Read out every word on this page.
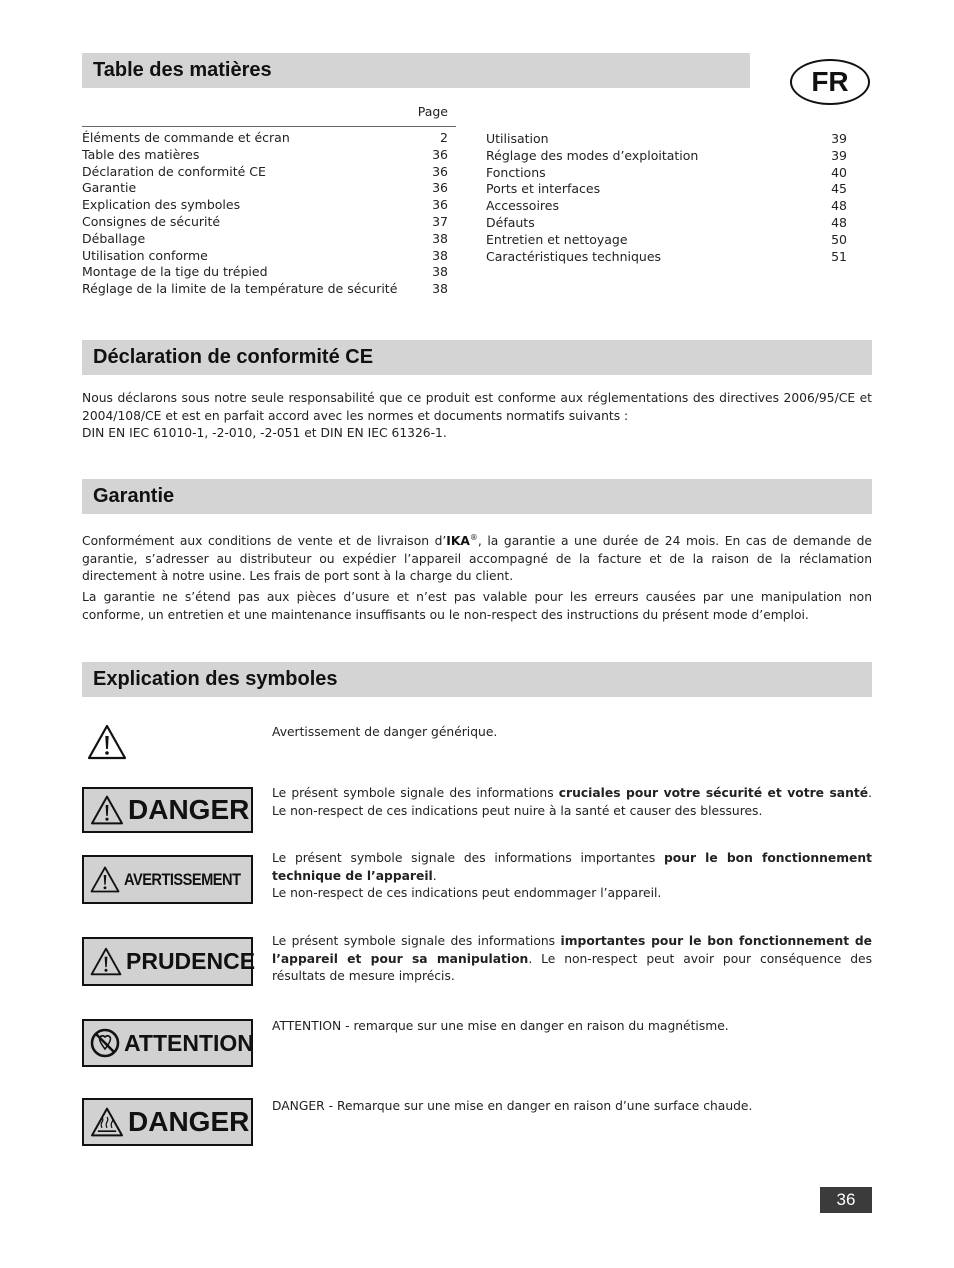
Table des matières	FR
Page
Éléments de commande et écran	2
Table des matières	36
Déclaration de conformité CE	36
Garantie	36
Explication des symboles	36
Consignes de sécurité	37
Déballage	38
Utilisation conforme	38
Montage de la tige du trépied	38
Réglage de la limite de la température de sécurité	38
Utilisation	39
Réglage des modes d’exploitation	39
Fonctions	40
Ports et interfaces	45
Accessoires	48
Défauts	48
Entretien et nettoyage	50
Caractéristiques techniques	51
Déclaration de conformité CE
Nous déclarons sous notre seule responsabilité que ce produit est conforme aux réglementations des directives 2006/95/CE et 2004/108/CE et est en parfait accord avec les normes et documents normatifs suivants :
DIN EN IEC 61010-1, -2-010, -2-051 et DIN EN IEC 61326-1.
Garantie
Conformément aux conditions de vente et de livraison d’IKA®, la garantie a une durée de 24 mois. En cas de demande de garantie, s’adresser au distributeur ou expédier l’appareil accompagné de la facture et de la raison de la réclamation directement à notre usine. Les frais de port sont à la charge du client.
La garantie ne s’étend pas aux pièces d’usure et n’est pas valable pour les erreurs causées par une manipulation non conforme, un entretien et une maintenance insuffisants ou le non-respect des instructions du présent mode d’emploi.
Explication des symboles
Avertissement de danger générique.
DANGER
Le présent symbole signale des informations cruciales pour votre sécurité et votre santé. Le non-respect de ces indications peut nuire à la santé et causer des blessures.
AVERTISSEMENT
Le présent symbole signale des informations importantes pour le bon fonctionnement technique de l’appareil.
Le non-respect de ces indications peut endommager l’appareil.
PRUDENCE
Le présent symbole signale des informations importantes pour le bon fonctionnement de l’appareil et pour sa manipulation. Le non-respect peut avoir pour conséquence des résultats de mesure imprécis.
ATTENTION
ATTENTION - remarque sur une mise en danger en raison du magnétisme.
DANGER DANGER - Remarque sur une mise en danger en raison d’une surface chaude.
36
